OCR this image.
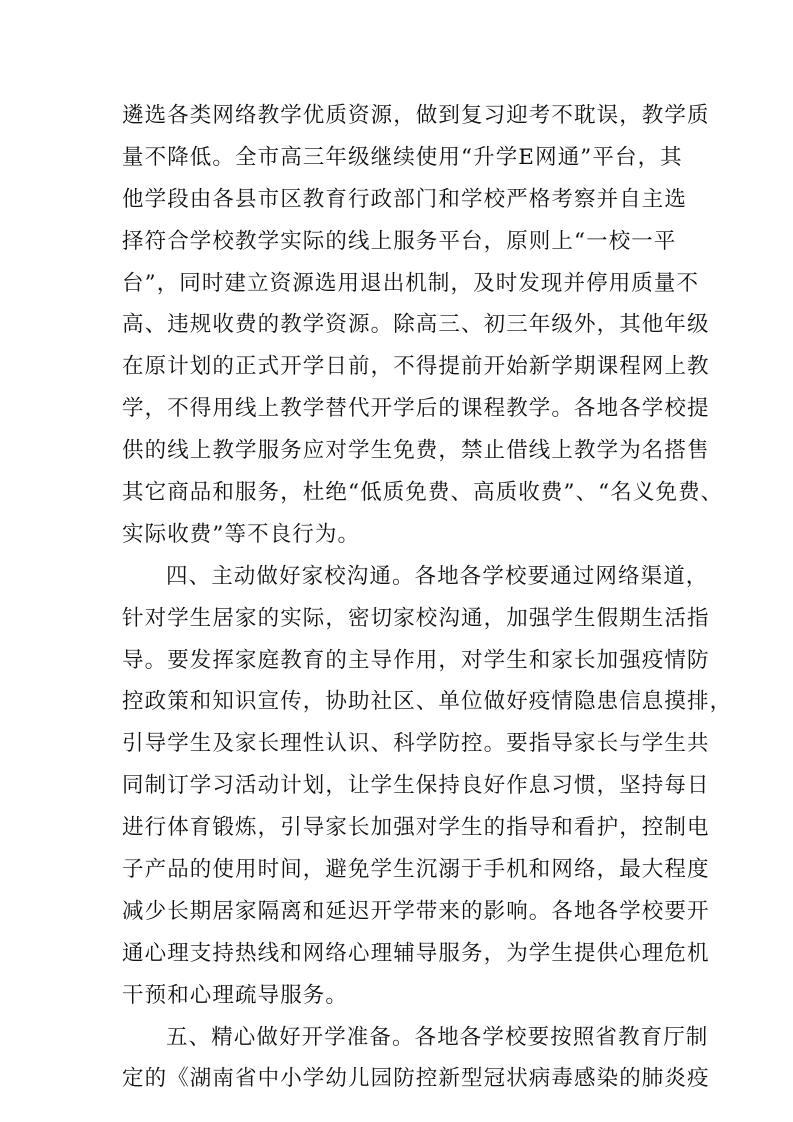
遴选各类网络教学优质资源，做到复习迎考不耽误，教学质
量不降低。全市高三年级继续使用“升学E网通”平台，其
他学段由各县市区教育行政部门和学校严格考察并自主选
择符合学校教学实际的线上服务平台，原则上“一校一平
台”，同时建立资源选用退出机制，及时发现并停用质量不
高、违规收费的教学资源。除高三、初三年级外，其他年级
在原计划的正式开学日前，不得提前开始新学期课程网上教
学，不得用线上教学替代开学后的课程教学。各地各学校提
供的线上教学服务应对学生免费，禁止借线上教学为名搭售
其它商品和服务，杜绝“低质免费、高质收费”、“名义免费、
实际收费”等不良行为。
四、主动做好家校沟通。各地各学校要通过网络渠道，
针对学生居家的实际，密切家校沟通，加强学生假期生活指
导。要发挥家庭教育的主导作用，对学生和家长加强疫情防
控政策和知识宣传，协助社区、单位做好疫情隐患信息摸排，
引导学生及家长理性认识、科学防控。要指导家长与学生共
同制订学习活动计划，让学生保持良好作息习惯，坚持每日
进行体育锻炼，引导家长加强对学生的指导和看护，控制电
子产品的使用时间，避免学生沉溺于手机和网络，最大程度
减少长期居家隔离和延迟开学带来的影响。各地各学校要开
通心理支持热线和网络心理辅导服务，为学生提供心理危机
干预和心理疏导服务。
五、精心做好开学准备。各地各学校要按照省教育厅制
定的《湖南省中小学幼儿园防控新型冠状病毒感染的肺炎疫
